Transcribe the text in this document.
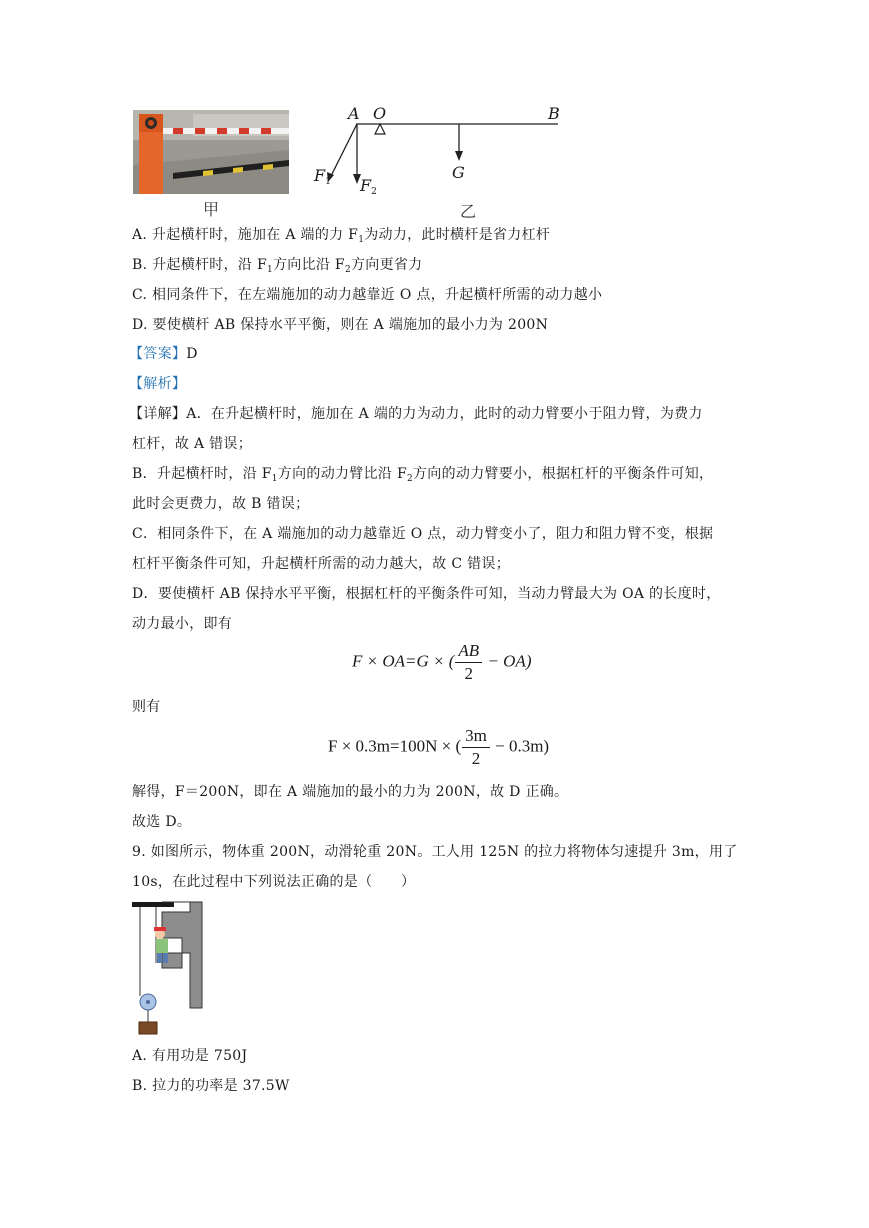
A O	B
G
F1 F2
甲	乙
A. 升起横杆时，施加在 A 端的力 $F_1$为动力，此时横杆是省力杠杆
B. 升起横杆时，沿 $F_1$方向比沿 $F_2$方向更省力
C. 相同条件下，在左端施加的动力越靠近 O 点，升起横杆所需的动力越小
D. 要使横杆 AB 保持水平平衡，则在 A 端施加的最小力为 200N
【答案】D
【解析】
【详解】A．在升起横杆时，施加在 A 端的力为动力，此时的动力臂要小于阻力臂，为费力
杠杆，故 A 错误；
B．升起横杆时，沿 $F_1$方向的动力臂比沿 $F_2$方向的动力臂要小，根据杠杆的平衡条件可知，
此时会更费力，故 B 错误；
C．相同条件下，在 A 端施加的动力越靠近 O 点，动力臂变小了，阻力和阻力臂不变，根据
杠杆平衡条件可知，升起横杆所需的动力越大，故 C 错误；
D．要使横杆 AB 保持水平平衡，根据杠杆的平衡条件可知，当动力臂最大为 OA 的长度时，
动力最小，即有
F × OA=G × ( $\frac{AB}{2} - OA$)
则有
F × 0.3m=100N × ( $\frac{3m}{2} - 0.3m$)
解得，F＝200N，即在 A 端施加的最小的力为 200N，故 D 正确。
故选 D。
9. 如图所示，物体重 200N，动滑轮重 20N。工人用 125N 的拉力将物体匀速提升 3m，用了
10s，在此过程中下列说法正确的是（　　）
A. 有用功是 750J
B. 拉力的功率是 37.5W
